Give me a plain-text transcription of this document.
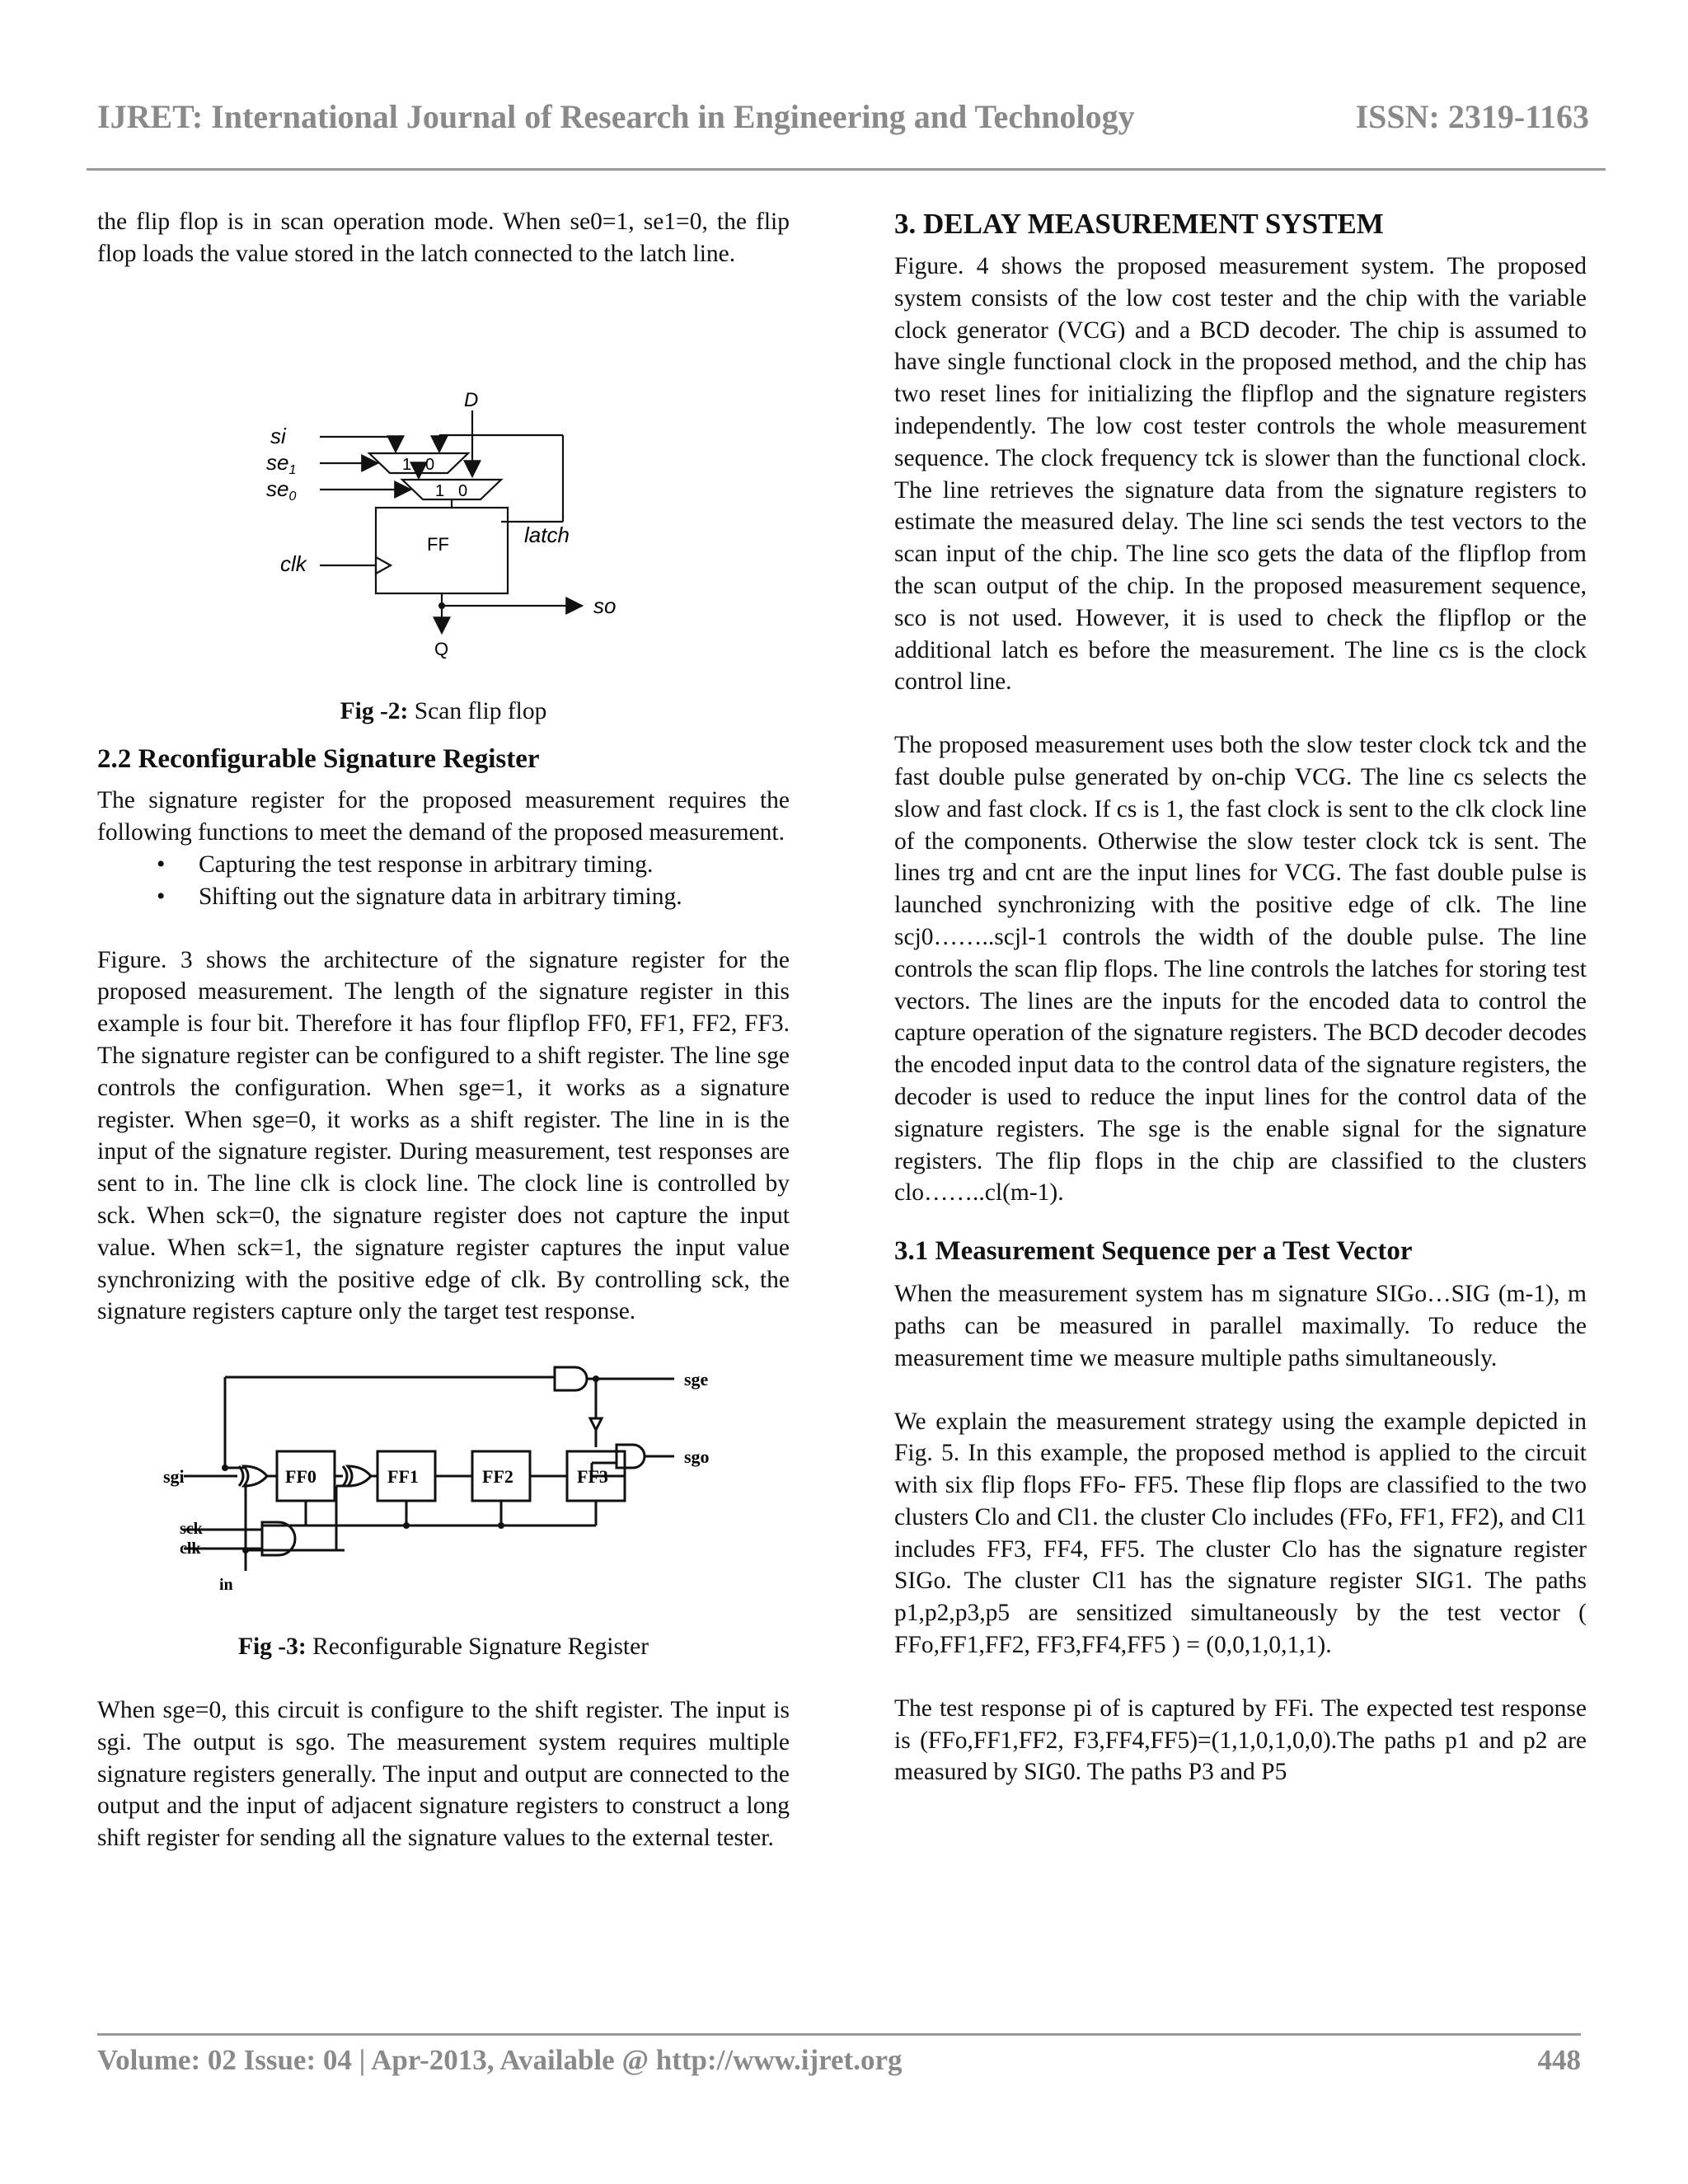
IJRET: International Journal of Research in Engineering and Technology	ISSN: 2319-1163

the flip flop is in scan operation mode. When se0=1, se1=0, the flip flop loads the value stored in the latch connected to the latch line.

D
si
se1
se0
1 0
1 0
FF	latch
clk
so
Q

Fig -2: Scan flip flop

2.2 Reconfigurable Signature Register

The signature register for the proposed measurement requires the following functions to meet the demand of the proposed measurement.

• Capturing the test response in arbitrary timing.
• Shifting out the signature data in arbitrary timing.

Figure. 3 shows the architecture of the signature register for the proposed measurement. The length of the signature register in this example is four bit. Therefore it has four flipflop FF0, FF1, FF2, FF3. The signature register can be configured to a shift register. The line sge controls the configuration. When sge=1, it works as a signature register. When sge=0, it works as a shift register. The line in is the input of the signature register. During measurement, test responses are sent to in. The line clk is clock line. The clock line is controlled by sck. When sck=0, the signature register does not capture the input value. When sck=1, the signature register captures the input value synchronizing with the positive edge of clk. By controlling sck, the signature registers capture only the target test response.

sge
sgo
sgi	FF0	FF1	FF2	FF3
sck
clk
in

Fig -3: Reconfigurable Signature Register

When sge=0, this circuit is configure to the shift register. The input is sgi. The output is sgo. The measurement system requires multiple signature registers generally. The input and output are connected to the output and the input of adjacent signature registers to construct a long shift register for sending all the signature values to the external tester.

3. DELAY MEASUREMENT SYSTEM

Figure. 4 shows the proposed measurement system. The proposed system consists of the low cost tester and the chip with the variable clock generator (VCG) and a BCD decoder. The chip is assumed to have single functional clock in the proposed method, and the chip has two reset lines for initializing the flipflop and the signature registers independently. The low cost tester controls the whole measurement sequence. The clock frequency tck is slower than the functional clock. The line retrieves the signature data from the signature registers to estimate the measured delay. The line sci sends the test vectors to the scan input of the chip. The line sco gets the data of the flipflop from the scan output of the chip. In the proposed measurement sequence, sco is not used. However, it is used to check the flipflop or the additional latch es before the measurement. The line cs is the clock control line.

The proposed measurement uses both the slow tester clock tck and the fast double pulse generated by on-chip VCG. The line cs selects the slow and fast clock. If cs is 1, the fast clock is sent to the clk clock line of the components. Otherwise the slow tester clock tck is sent. The lines trg and cnt are the input lines for VCG. The fast double pulse is launched synchronizing with the positive edge of clk. The line scj0……..scjl-1 controls the width of the double pulse. The line controls the scan flip flops. The line controls the latches for storing test vectors. The lines are the inputs for the encoded data to control the capture operation of the signature registers. The BCD decoder decodes the encoded input data to the control data of the signature registers, the decoder is used to reduce the input lines for the control data of the signature registers. The sge is the enable signal for the signature registers. The flip flops in the chip are classified to the clusters clo……..cl(m-1).

3.1 Measurement Sequence per a Test Vector

When the measurement system has m signature SIGo…SIG (m-1), m paths can be measured in parallel maximally. To reduce the measurement time we measure multiple paths simultaneously.

We explain the measurement strategy using the example depicted in Fig. 5. In this example, the proposed method is applied to the circuit with six flip flops FFo- FF5. These flip flops are classified to the two clusters Clo and Cl1. the cluster Clo includes (FFo, FF1, FF2), and Cl1 includes FF3, FF4, FF5. The cluster Clo has the signature register SIGo. The cluster Cl1 has the signature register SIG1. The paths p1,p2,p3,p5 are sensitized simultaneously by the test vector ( FFo,FF1,FF2, FF3,FF4,FF5 ) = (0,0,1,0,1,1).

The test response pi of is captured by FFi. The expected test response is (FFo,FF1,FF2, F3,FF4,FF5)=(1,1,0,1,0,0).The paths p1 and p2 are measured by SIG0. The paths P3 and P5

Volume: 02 Issue: 04 | Apr-2013, Available @ http://www.ijret.org	448
